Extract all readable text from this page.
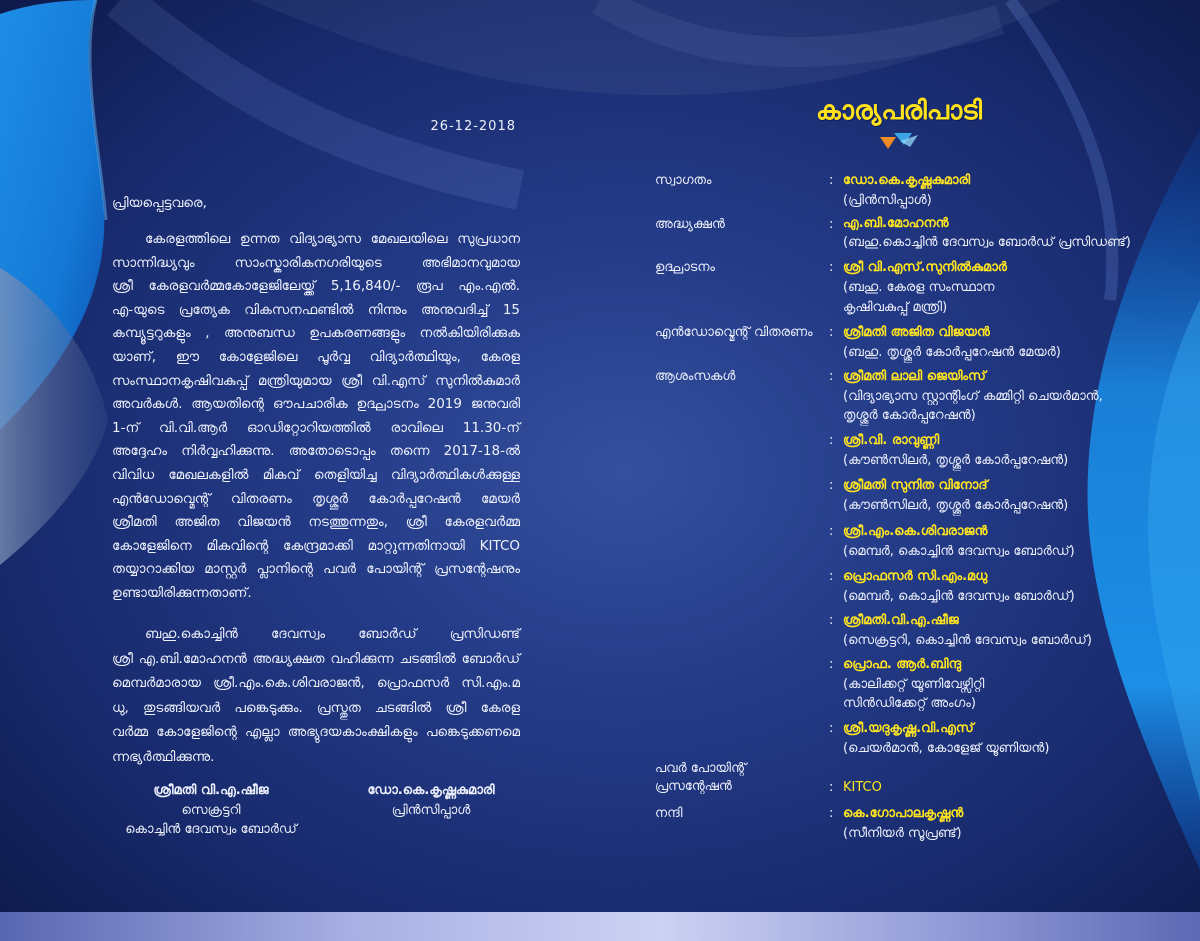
26-12-2018
പ്രിയപ്പെട്ടവരെ,
കേരളത്തിലെ ഉന്നത വിദ്യാഭ്യാസ മേഖലയിലെ സുപ്രധാന
സാന്നിദ്ധ്യവും സാംസ്കാരികനഗരിയുടെ അഭിമാനവുമായ
ശ്രീ കേരളവർമ്മകോളേജിലേയ്ക്ക് 5,16,840/- രൂപ എം.എൽ.
എ-യുടെ പ്രത്യേക വികസനഫണ്ടിൽ നിന്നും അനുവദിച്ച് 15
കമ്പ്യൂട്ടറുകളും , അനുബന്ധ ഉപകരണങ്ങളും നൽകിയിരിക്കുക
യാണ്, ഈ കോളേജിലെ പൂർവ്വ വിദ്യാർത്ഥിയും, കേരള
സംസ്ഥാനകൃഷിവകുപ്പ് മന്ത്രിയുമായ ശ്രീ വി.എസ് സുനിൽകുമാർ
അവർകൾ. ആയതിന്റെ ഔപചാരിക ഉദ്ഘാടനം 2019 ജനുവരി
1-ന് വി.വി.ആർ ഓഡിറ്റോറിയത്തിൽ രാവിലെ 11.30-ന്
അദ്ദേഹം നിർവ്വഹിക്കുന്നു. അതോടൊപ്പം തന്നെ 2017-18-ൽ
വിവിധ മേഖലകളിൽ മികവ് തെളിയിച്ച വിദ്യാർത്ഥികൾക്കുള്ള
എൻഡോവ്മെന്റ് വിതരണം തൃശ്ശൂർ കോർപ്പറേഷൻ മേയർ
ശ്രീമതി അജിത വിജയൻ നടത്തുന്നതും, ശ്രീ കേരളവർമ്മ
കോളേജിനെ മികവിന്റെ കേന്ദ്രമാക്കി മാറ്റുന്നതിനായി KITCO
തയ്യാറാക്കിയ മാസ്റ്റർ പ്ലാനിന്റെ പവർ പോയിന്റ് പ്രസന്റേഷനും
ഉണ്ടായിരിക്കുന്നതാണ്.
ബഹു.കൊച്ചിൻ ദേവസ്വം ബോർഡ് പ്രസിഡണ്ട്
ശ്രീ എ.ബി.മോഹനൻ അദ്ധ്യക്ഷത വഹിക്കുന്ന ചടങ്ങിൽ ബോർഡ്
മെമ്പർമാരായ ശ്രീ.എം.കെ.ശിവരാജൻ, പ്രൊഫസർ സി.എം.മ
ധു, തുടങ്ങിയവർ പങ്കെടുക്കും. പ്രസ്തുത ചടങ്ങിൽ ശ്രീ കേരള
വർമ്മ കോളേജിന്റെ എല്ലാ അഭ്യുദയകാംക്ഷികളും പങ്കെടുക്കണമെ
ന്നഭ്യർത്ഥിക്കുന്നു.
ശ്രീമതി വി.എ.ഷീജ
സെക്രട്ടറി
കൊച്ചിൻ ദേവസ്വം ബോർഡ്
ഡോ.കെ.കൃഷ്ണകുമാരി
പ്രിൻസിപ്പാൾ
കാര്യപരിപാടി
സ്വാഗതം	: ഡോ.കെ.കൃഷ്ണകുമാരി
(പ്രിൻസിപ്പാൾ)
അദ്ധ്യക്ഷൻ	: എ.ബി.മോഹനൻ
(ബഹു.കൊച്ചിൻ ദേവസ്വം ബോർഡ് പ്രസിഡണ്ട്)
ഉദ്ഘാടനം	: ശ്രീ വി.എസ്.സുനിൽകുമാർ
(ബഹു. കേരള സംസ്ഥാന
കൃഷിവകുപ്പ് മന്ത്രി)
എൻഡോവ്മെന്റ് വിതരണം : ശ്രീമതി അജിത വിജയൻ
(ബഹു. തൃശ്ശൂർ കോർപ്പറേഷൻ മേയർ)
ആശംസകൾ	: ശ്രീമതി ലാലി ജെയിംസ്
(വിദ്യാഭ്യാസ സ്റ്റാന്റിംഗ് കമ്മിറ്റി ചെയർമാൻ,
തൃശ്ശൂർ കോർപ്പറേഷൻ)
: ശ്രീ.വി. രാവുണ്ണി
(കൗൺസിലർ, തൃശ്ശൂർ കോർപ്പറേഷൻ)
: ശ്രീമതി സുനിത വിനോദ്
(കൗൺസിലർ, തൃശ്ശൂർ കോർപ്പറേഷൻ)
: ശ്രീ.എം.കെ.ശിവരാജൻ
(മെമ്പർ, കൊച്ചിൻ ദേവസ്വം ബോർഡ്)
: പ്രൊഫസർ സി.എം.മധു
(മെമ്പർ, കൊച്ചിൻ ദേവസ്വം ബോർഡ്)
: ശ്രീമതി.വി.എ.ഷീജ
(സെക്രട്ടറി, കൊച്ചിൻ ദേവസ്വം ബോർഡ്)
: പ്രൊഫ. ആർ.ബിന്ദു
(കാലിക്കറ്റ് യൂണിവേഴ്സിറ്റി
സിൻഡിക്കേറ്റ് അംഗം)
: ശ്രീ.യദുകൃഷ്ണ.വി.എസ്
(ചെയർമാൻ, കോളേജ് യൂണിയൻ)
പവർ പോയിന്റ്
പ്രസന്റേഷൻ	: KITCO
നന്ദി	: കെ.ഗോപാലകൃഷ്ണൻ
(സീനിയർ സൂപ്രണ്ട്)
